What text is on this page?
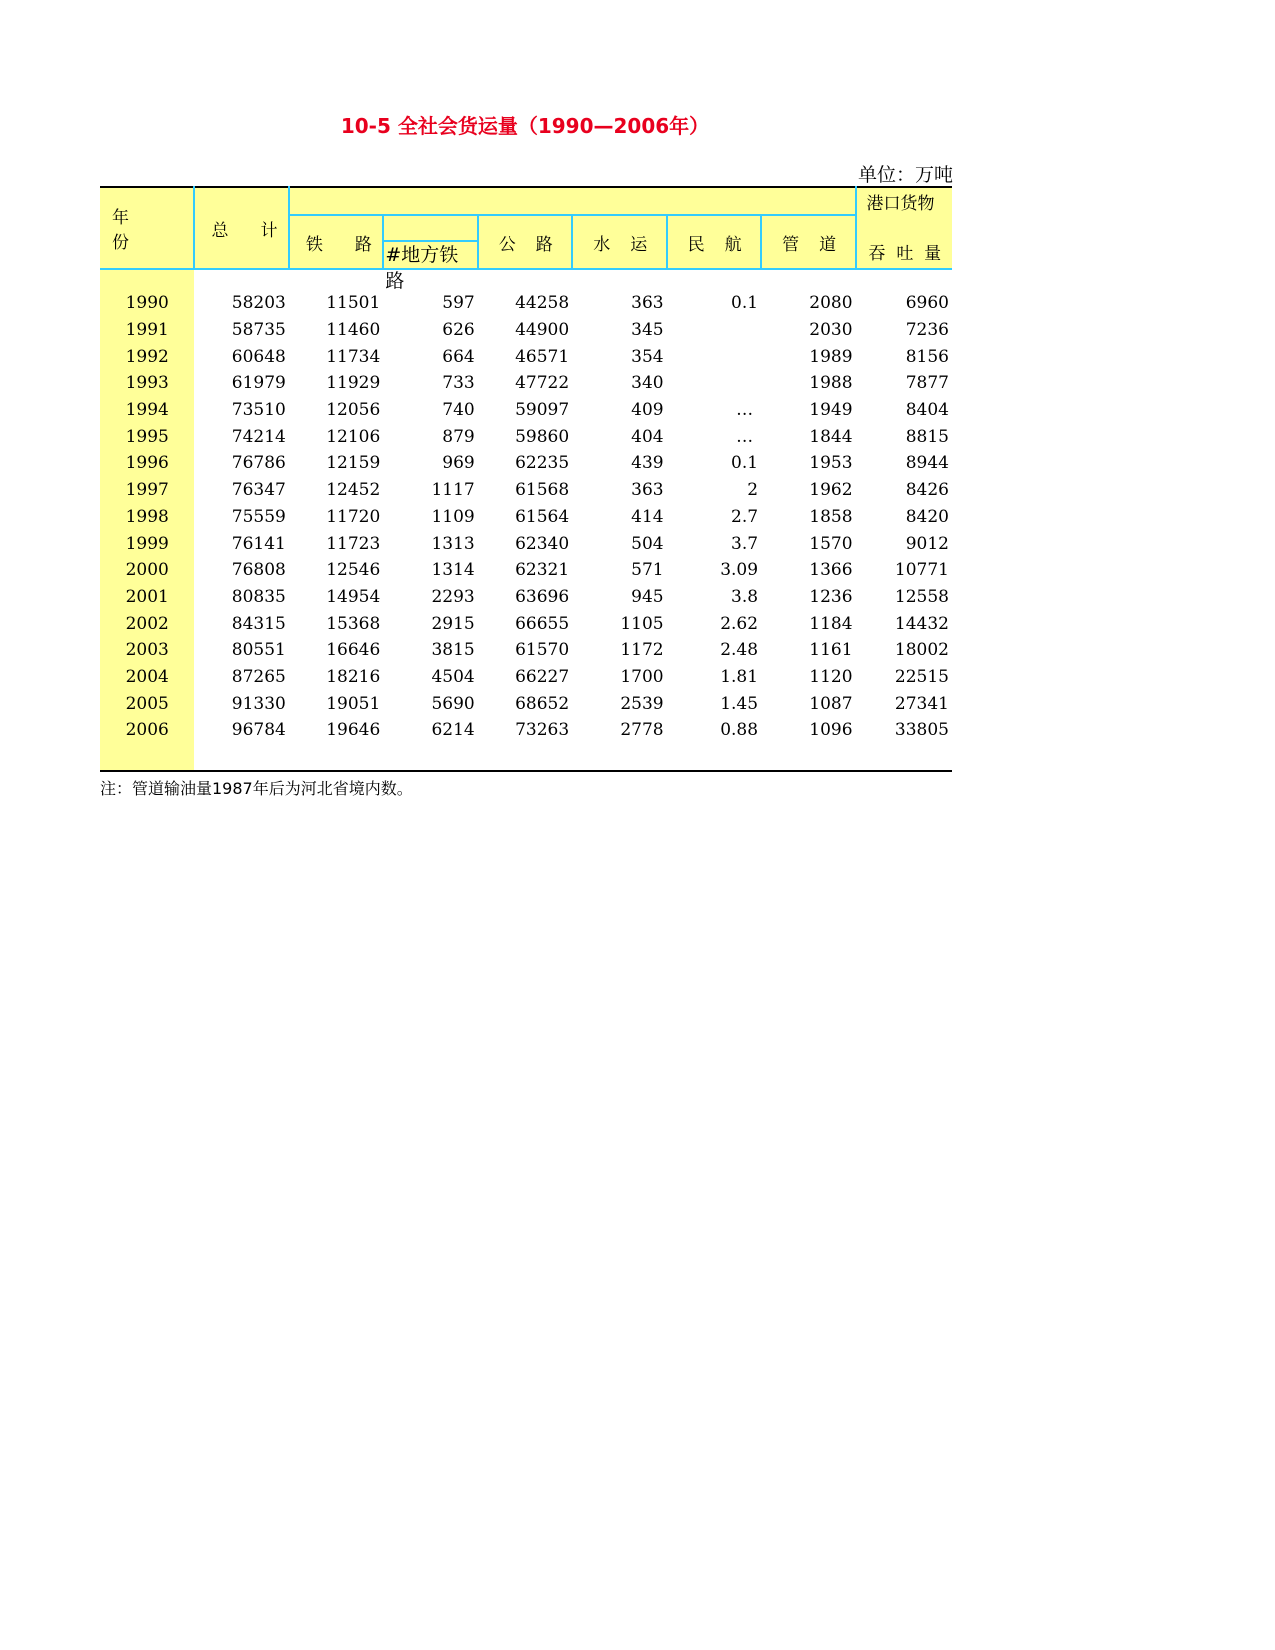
10-5 全社会货运量（1990—2006年）
单位：万吨
年份	总 计							港口货物
		铁 路	#地方铁路	公 路	水 运	民 航	管 道	吞 吐 量

1990	58203	11501	597	44258	363	0.1	2080	6960
1991	58735	11460	626	44900	345		2030	7236
1992	60648	11734	664	46571	354		1989	8156
1993	61979	11929	733	47722	340		1988	7877
1994	73510	12056	740	59097	409	…	1949	8404
1995	74214	12106	879	59860	404	…	1844	8815
1996	76786	12159	969	62235	439	0.1	1953	8944
1997	76347	12452	1117	61568	363	2	1962	8426
1998	75559	11720	1109	61564	414	2.7	1858	8420
1999	76141	11723	1313	62340	504	3.7	1570	9012
2000	76808	12546	1314	62321	571	3.09	1366	10771
2001	80835	14954	2293	63696	945	3.8	1236	12558
2002	84315	15368	2915	66655	1105	2.62	1184	14432
2003	80551	16646	3815	61570	1172	2.48	1161	18002
2004	87265	18216	4504	66227	1700	1.81	1120	22515
2005	91330	19051	5690	68652	2539	1.45	1087	27341
2006	96784	19646	6214	73263	2778	0.88	1096	33805

注：管道输油量1987年后为河北省境内数。
